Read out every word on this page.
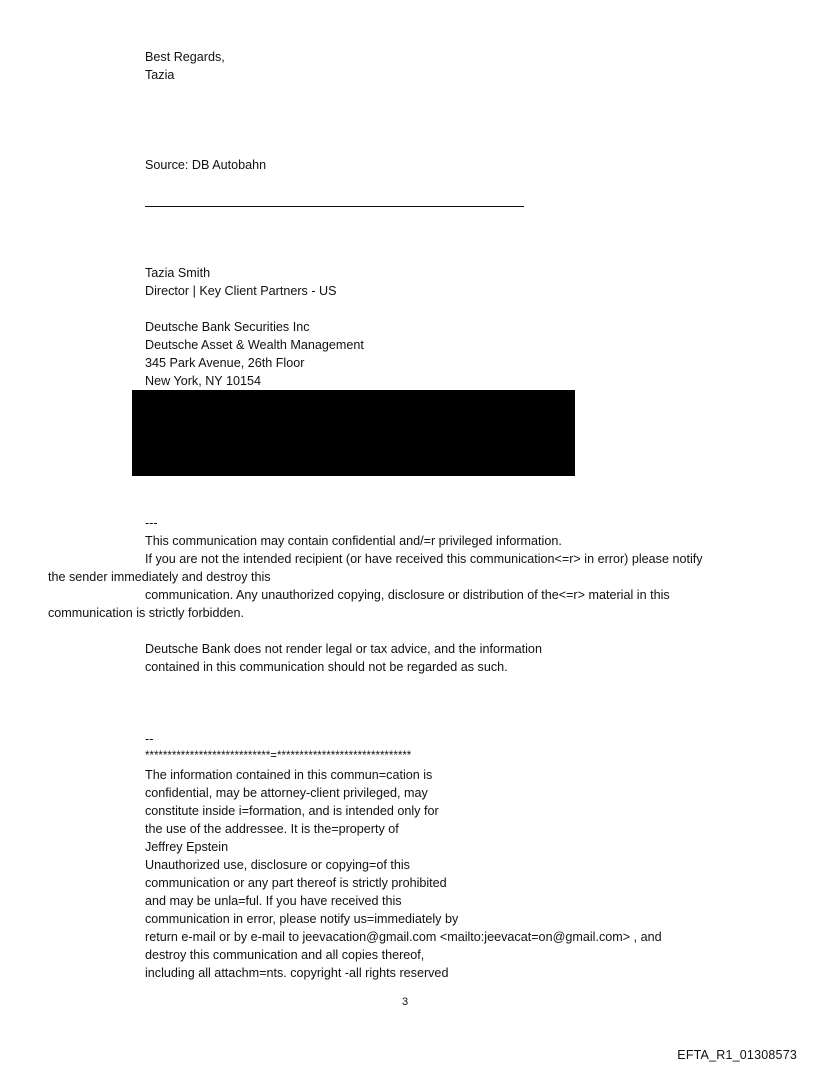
Best Regards,
Tazia
Source: DB Autobahn
Tazia Smith
Director | Key Client Partners - US
Deutsche Bank Securities Inc
Deutsche Asset & Wealth Management
345 Park Avenue, 26th Floor
New York, NY 10154
---
This communication may contain confidential and/=r privileged information.
If you are not the intended recipient (or have received this communication<=r> in error) please notify
the sender immediately and destroy this
communication. Any unauthorized copying, disclosure or distribution of the<=r> material in this
communication is strictly forbidden.
Deutsche Bank does not render legal or tax advice, and the information
contained in this communication should not be regarded as such.
--
****************************=******************************
The information contained in this commun=cation is
confidential, may be attorney-client privileged, may
constitute inside i=formation, and is intended only for
the use of the addressee. It is the=property of
Jeffrey Epstein
Unauthorized use, disclosure or copying=of this
communication or any part thereof is strictly prohibited
and may be unla=ful. If you have received this
communication in error, please notify us=immediately by
return e-mail or by e-mail to jeevacation@gmail.com <mailto:jeevacat=on@gmail.com> , and
destroy this communication and all copies thereof,
including all attachm=nts. copyright -all rights reserved
3
EFTA_R1_01308573
